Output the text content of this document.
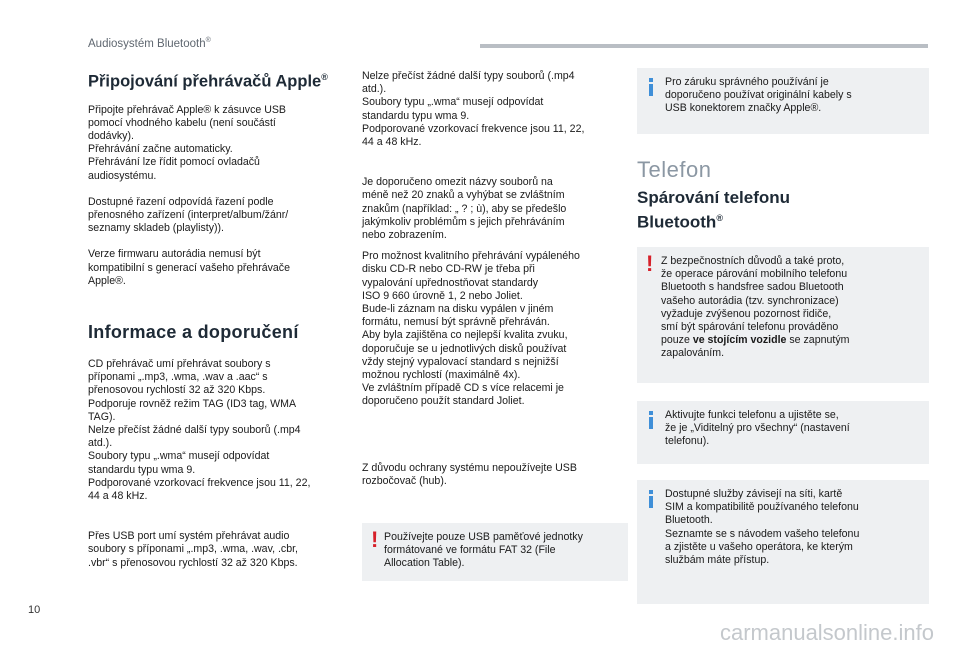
Audiosystém Bluetooth®
Připojování přehrávačů Apple®

Připojte přehrávač Apple® k zásuvce USB
pomocí vhodného kabelu (není součástí
dodávky).
Přehrávání začne automaticky.
Přehrávání lze řídit pomocí ovladačů
audiosystému.

Dostupné řazení odpovídá řazení podle
přenosného zařízení (interpret/album/žánr/
seznamy skladeb (playlisty)).

Verze firmwaru autorádia nemusí být
kompatibilní s generací vašeho přehrávače
Apple®.

Informace a doporučení

CD přehrávač umí přehrávat soubory s
příponami „.mp3, .wma, .wav a .aac“ s
přenosovou rychlostí 32 až 320 Kbps.
Podporuje rovněž režim TAG (ID3 tag, WMA
TAG).
Nelze přečíst žádné další typy souborů (.mp4
atd.).
Soubory typu „.wma“ musejí odpovídat
standardu typu wma 9.
Podporované vzorkovací frekvence jsou 11, 22,
44 a 48 kHz.

Přes USB port umí systém přehrávat audio
soubory s příponami „.mp3, .wma, .wav, .cbr,
.vbr“ s přenosovou rychlostí 32 až 320 Kbps.

Nelze přečíst žádné další typy souborů (.mp4
atd.).
Soubory typu „.wma“ musejí odpovídat
standardu typu wma 9.
Podporované vzorkovací frekvence jsou 11, 22,
44 a 48 kHz.

Je doporučeno omezit názvy souborů na
méně než 20 znaků a vyhýbat se zvláštním
znakům (například: „ ? ; ù), aby se předešlo
jakýmkoliv problémům s jejich přehráváním
nebo zobrazením.

Pro možnost kvalitního přehrávání vypáleného
disku CD-R nebo CD-RW je třeba při
vypalování upřednostňovat standardy
ISO 9 660 úrovně 1, 2 nebo Joliet.
Bude-li záznam na disku vypálen v jiném
formátu, nemusí být správně přehráván.
Aby byla zajištěna co nejlepší kvalita zvuku,
doporučuje se u jednotlivých disků používat
vždy stejný vypalovací standard s nejnižší
možnou rychlostí (maximálně 4x).
Ve zvláštním případě CD s více relacemi je
doporučeno použít standard Joliet.

Z důvodu ochrany systému nepoužívejte USB
rozbočovač (hub).

! Používejte pouze USB paměťové jednotky
formátované ve formátu FAT 32 (File
Allocation Table).
Pro záruku správného používání je
doporučeno používat originální kabely s
USB konektorem značky Apple®.
Telefon
Spárování telefonu
Bluetooth®
! Z bezpečnostních důvodů a také proto,
že operace párování mobilního telefonu
Bluetooth s handsfree sadou Bluetooth
vašeho autorádia (tzv. synchronizace)
vyžaduje zvýšenou pozornost řidiče,
smí být spárování telefonu prováděno
pouze ve stojícím vozidle se zapnutým
zapalováním.
Aktivujte funkci telefonu a ujistěte se,
že je „Viditelný pro všechny“ (nastavení
telefonu).
Dostupné služby závisejí na síti, kartě
SIM a kompatibilitě používaného telefonu
Bluetooth.
Seznamte se s návodem vašeho telefonu
a zjistěte u vašeho operátora, ke kterým
službám máte přístup.
10
carmanualsonline.info
